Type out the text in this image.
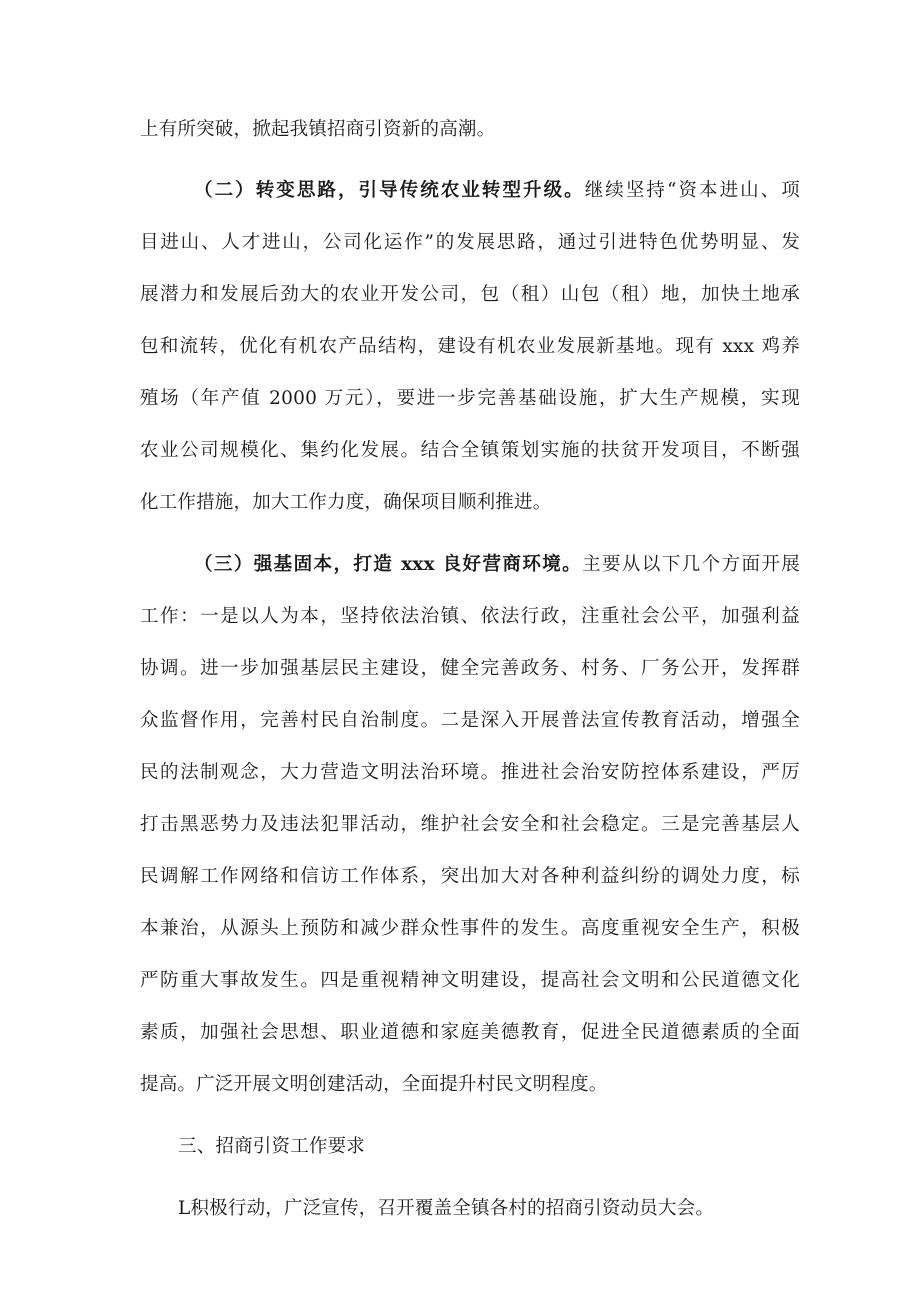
上有所突破，掀起我镇招商引资新的高潮。
（二）转变思路，引导传统农业转型升级。继续坚持“资本进山、项
目进山、人才进山，公司化运作”的发展思路，通过引进特色优势明显、发
展潜力和发展后劲大的农业开发公司，包（租）山包（租）地，加快土地承
包和流转，优化有机农产品结构，建设有机农业发展新基地。现有 xxx 鸡养
殖场（年产值 2000 万元），要进一步完善基础设施，扩大生产规模，实现
农业公司规模化、集约化发展。结合全镇策划实施的扶贫开发项目，不断强
化工作措施，加大工作力度，确保项目顺利推进。
（三）强基固本，打造 xxx 良好营商环境。主要从以下几个方面开展
工作：一是以人为本，坚持依法治镇、依法行政，注重社会公平，加强利益
协调。进一步加强基层民主建设，健全完善政务、村务、厂务公开，发挥群
众监督作用，完善村民自治制度。二是深入开展普法宣传教育活动，增强全
民的法制观念，大力营造文明法治环境。推进社会治安防控体系建设，严厉
打击黑恶势力及违法犯罪活动，维护社会安全和社会稳定。三是完善基层人
民调解工作网络和信访工作体系，突出加大对各种利益纠纷的调处力度，标
本兼治，从源头上预防和减少群众性事件的发生。高度重视安全生产，积极
严防重大事故发生。四是重视精神文明建设，提高社会文明和公民道德文化
素质，加强社会思想、职业道德和家庭美德教育，促进全民道德素质的全面
提高。广泛开展文明创建活动，全面提升村民文明程度。
三、招商引资工作要求
L积极行动，广泛宣传，召开覆盖全镇各村的招商引资动员大会。
